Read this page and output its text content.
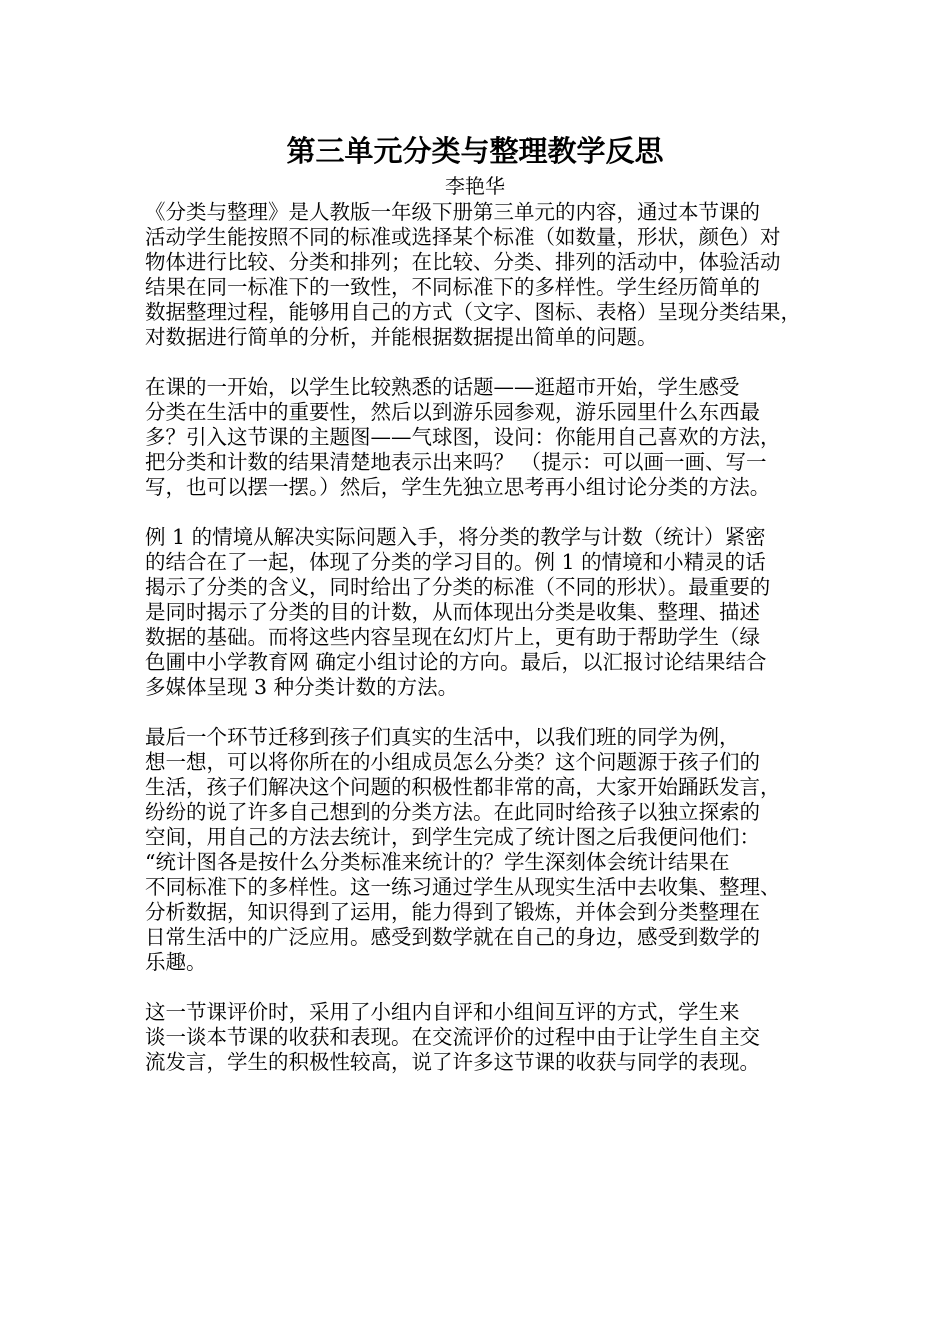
第三单元分类与整理教学反思
李艳华
《分类与整理》是人教版一年级下册第三单元的内容，通过本节课的
活动学生能按照不同的标准或选择某个标准（如数量，形状，颜色）对
物体进行比较、分类和排列；在比较、分类、排列的活动中，体验活动
结果在同一标准下的一致性，不同标准下的多样性。学生经历简单的
数据整理过程，能够用自己的方式（文字、图标、表格）呈现分类结果，
对数据进行简单的分析，并能根据数据提出简单的问题。
在课的一开始，以学生比较熟悉的话题——逛超市开始，学生感受
分类在生活中的重要性，然后以到游乐园参观，游乐园里什么东西最
多？引入这节课的主题图——气球图，设问：你能用自己喜欢的方法，
把分类和计数的结果清楚地表示出来吗？ （提示：可以画一画、写一
写，也可以摆一摆。）然后，学生先独立思考再小组讨论分类的方法。
例 1 的情境从解决实际问题入手，将分类的教学与计数（统计）紧密
的结合在了一起，体现了分类的学习目的。例 1 的情境和小精灵的话
揭示了分类的含义，同时给出了分类的标准（不同的形状）。最重要的
是同时揭示了分类的目的计数，从而体现出分类是收集、整理、描述
数据的基础。而将这些内容呈现在幻灯片上，更有助于帮助学生（绿
色圃中小学教育网 确定小组讨论的方向。最后，以汇报讨论结果结合
多媒体呈现 3 种分类计数的方法。
最后一个环节迁移到孩子们真实的生活中，以我们班的同学为例，
想一想，可以将你所在的小组成员怎么分类？这个问题源于孩子们的
生活，孩子们解决这个问题的积极性都非常的高，大家开始踊跃发言，
纷纷的说了许多自己想到的分类方法。在此同时给孩子以独立探索的
空间，用自己的方法去统计，到学生完成了统计图之后我便问他们：
“统计图各是按什么分类标准来统计的？学生深刻体会统计结果在
不同标准下的多样性。这一练习通过学生从现实生活中去收集、整理、
分析数据，知识得到了运用，能力得到了锻炼，并体会到分类整理在
日常生活中的广泛应用。感受到数学就在自己的身边，感受到数学的
乐趣。
这一节课评价时，采用了小组内自评和小组间互评的方式，学生来
谈一谈本节课的收获和表现。在交流评价的过程中由于让学生自主交
流发言，学生的积极性较高，说了许多这节课的收获与同学的表现。
